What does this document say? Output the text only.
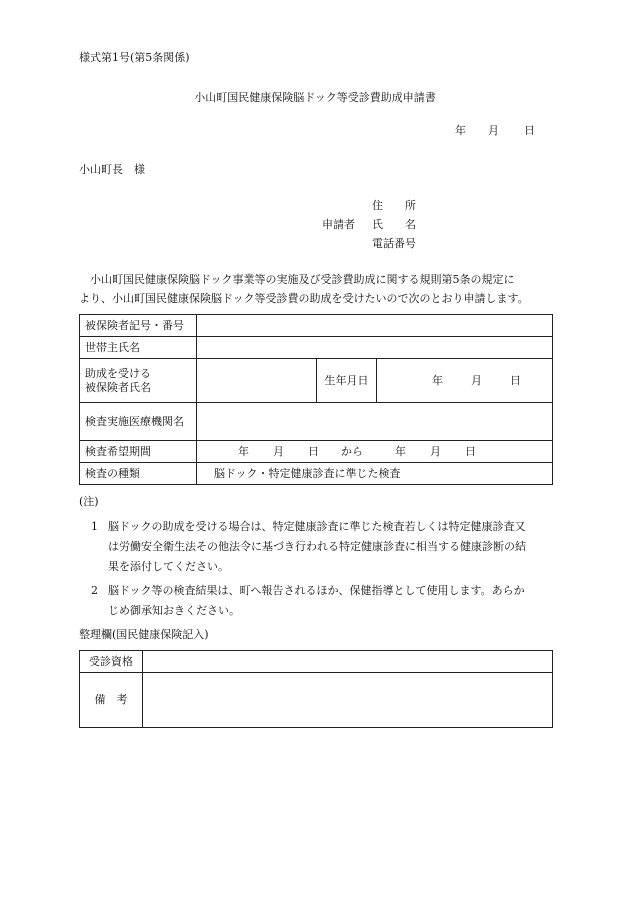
様式第1号(第5条関係)
小山町国民健康保険脳ドック等受診費助成申請書
年 月 日
小山町長　様
住　　所
申請者 氏　　名
電話番号
小山町国民健康保険脳ドック事業等の実施及び受診費助成に関する規則第5条の規定に
より、小山町国民健康保険脳ドック等受診費の助成を受けたいので次のとおり申請します。
被保険者記号・番号			
世帯主氏名			

助成を受ける
被保険者氏名		生年月日	年 月 日
検査実施医療機関名			
検査希望期間	年 月 日 から 年 月 日		
検査の種類	脳ドック・特定健康診査に準じた検査		
(注)
1 脳ドックの助成を受ける場合は、特定健康診査に準じた検査若しくは特定健康診査又
は労働安全衛生法その他法令に基づき行われる特定健康診査に相当する健康診断の結
果を添付してください。
2 脳ドック等の検査結果は、町へ報告されるほか、保健指導として使用します。あらか
じめ御承知おきください。
整理欄(国民健康保険記入)
受診資格	
備　考	
